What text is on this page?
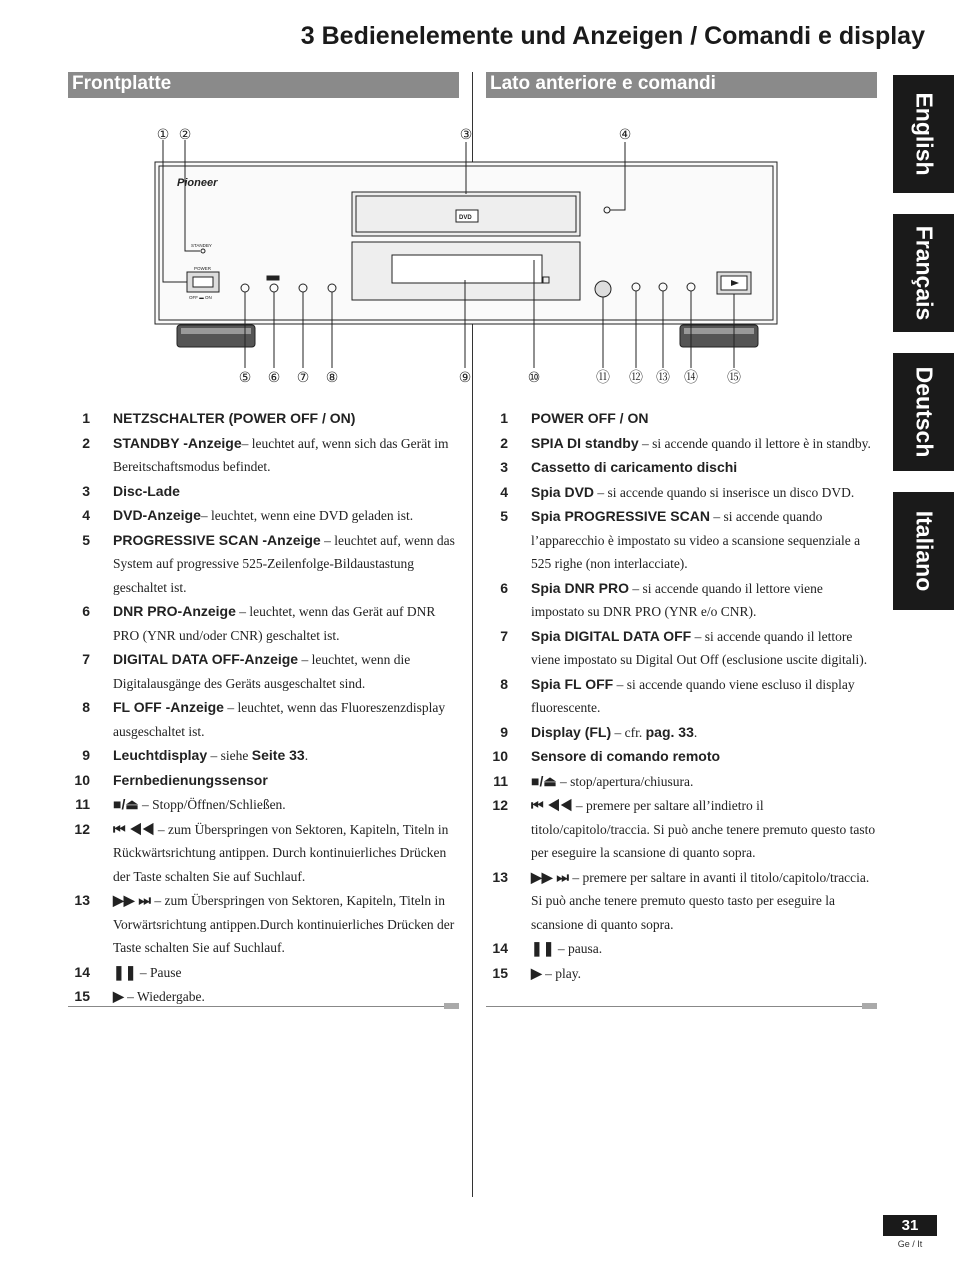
3 Bedienelemente und Anzeigen / Comandi e display
Frontplatte	Lato anteriore e comandi
English
Français
Deutsch
Italiano
Pioneer
STANDBY
POWER
OFF ▬ ON
DVD
① ②	③	④
⑤ ⑥ ⑦ ⑧	⑨	⑩	⑪ ⑫ ⑬ ⑭ ⑮
1 NETZSCHALTER (POWER OFF / ON)
2 STANDBY -Anzeige– leuchtet auf, wenn sich das Gerät im Bereitschaftsmodus befindet.
3 Disc-Lade
4 DVD-Anzeige– leuchtet, wenn eine DVD geladen ist.
5 PROGRESSIVE SCAN -Anzeige – leuchtet auf, wenn das System auf progressive 525-Zeilenfolge-Bildaustastung geschaltet ist.
6 DNR PRO-Anzeige – leuchtet, wenn das Gerät auf DNR PRO (YNR und/oder CNR) geschaltet ist.
7 DIGITAL DATA OFF-Anzeige – leuchtet, wenn die Digitalausgänge des Geräts ausgeschaltet sind.
8 FL OFF -Anzeige – leuchtet, wenn das Fluoreszenzdisplay ausgeschaltet ist.
9 Leuchtdisplay – siehe Seite 33.
10 Fernbedienungssensor
11 ■/⏏ – Stopp/Öffnen/Schließen.
12 ⏮ ◀◀ – zum Überspringen von Sektoren, Kapiteln, Titeln in Rückwärtsrichtung antippen. Durch kontinuierliches Drücken der Taste schalten Sie auf Suchlauf.
13 ▶▶ ⏭ – zum Überspringen von Sektoren, Kapiteln, Titeln in Vorwärtsrichtung antippen.Durch kontinuierliches Drücken der Taste schalten Sie auf Suchlauf.
14 ❚❚ – Pause
15 ▶ – Wiedergabe.
1 POWER OFF / ON
2 SPIA DI standby – si accende quando il lettore è in standby.
3 Cassetto di caricamento dischi
4 Spia DVD – si accende quando si inserisce un disco DVD.
5 Spia PROGRESSIVE SCAN – si accende quando l’apparecchio è impostato su video a scansione sequenziale a 525 righe (non interlacciate).
6 Spia DNR PRO – si accende quando il lettore viene impostato su DNR PRO (YNR e/o CNR).
7 Spia DIGITAL DATA OFF – si accende quando il lettore viene impostato su Digital Out Off (esclusione uscite digitali).
8 Spia FL OFF – si accende quando viene escluso il display fluorescente.
9 Display (FL) – cfr. pag. 33.
10 Sensore di comando remoto
11 ■/⏏ – stop/apertura/chiusura.
12 ⏮ ◀◀ – premere per saltare all’indietro il titolo/capitolo/traccia. Si può anche tenere premuto questo tasto per eseguire la scansione di quanto sopra.
13 ▶▶ ⏭ – premere per saltare in avanti il titolo/capitolo/traccia. Si può anche tenere premuto questo tasto per eseguire la scansione di quanto sopra.
14 ❚❚ – pausa.
15 ▶ – play.
31
Ge / It
